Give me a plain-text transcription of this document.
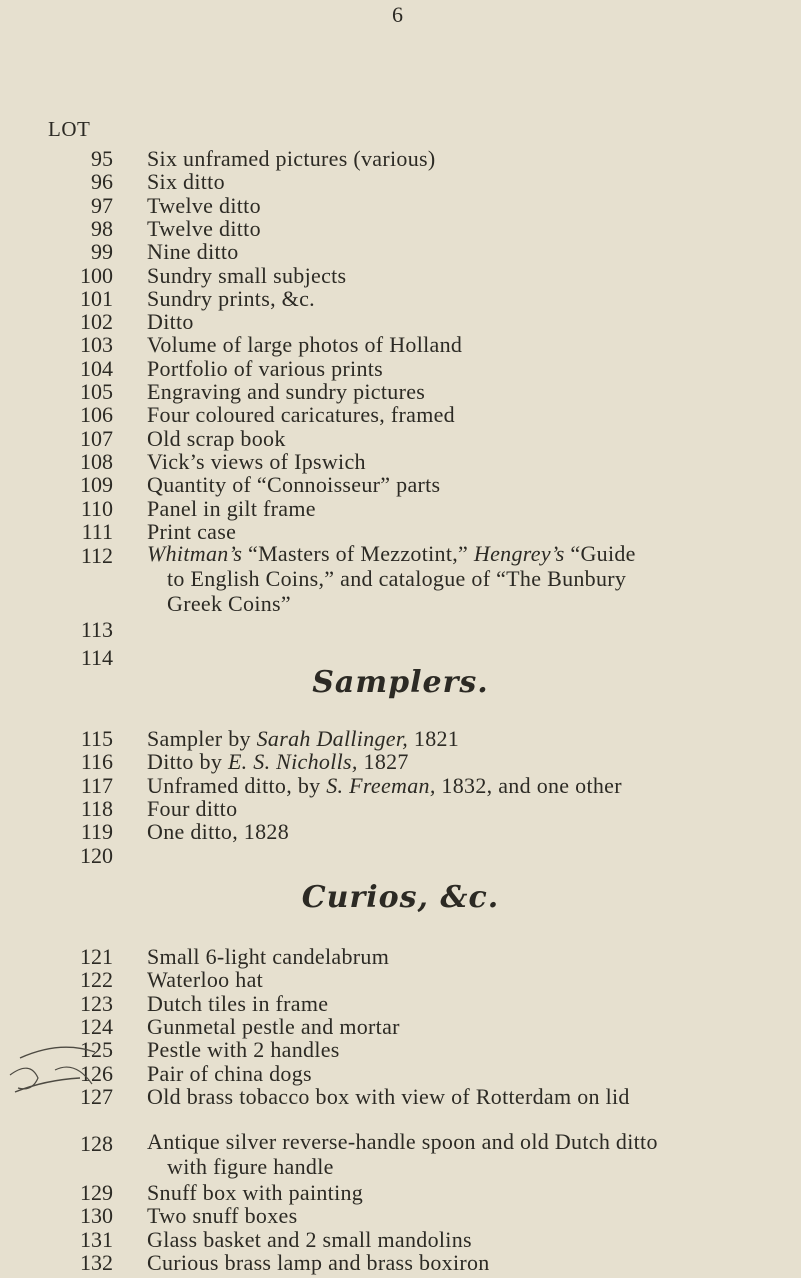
6
LOT
95 Six unframed pictures (various)
96 Six ditto
97 Twelve ditto
98 Twelve ditto
99 Nine ditto
100 Sundry small subjects
101 Sundry prints, &c.
102 Ditto
103 Volume of large photos of Holland
104 Portfolio of various prints
105 Engraving and sundry pictures
106 Four coloured caricatures, framed
107 Old scrap book
108 Vick’s views of Ipswich
109 Quantity of “Connoisseur” parts
110 Panel in gilt frame
111 Print case
112 Whitman’s “Masters of Mezzotint,” Hengrey’s “Guide
to English Coins,” and catalogue of “The Bunbury
Greek Coins”
113
114
Samplers.
115 Sampler by Sarah Dallinger, 1821
116 Ditto by E. S. Nicholls, 1827
117 Unframed ditto, by S. Freeman, 1832, and one other
118 Four ditto
119 One ditto, 1828
120
Curios, &c.
121 Small 6-light candelabrum
122 Waterloo hat
123 Dutch tiles in frame
124 Gunmetal pestle and mortar
125 Pestle with 2 handles
126 Pair of china dogs
127 Old brass tobacco box with view of Rotterdam on lid
128 Antique silver reverse-handle spoon and old Dutch ditto
with figure handle
129 Snuff box with painting
130 Two snuff boxes
131 Glass basket and 2 small mandolins
132 Curious brass lamp and brass boxiron
